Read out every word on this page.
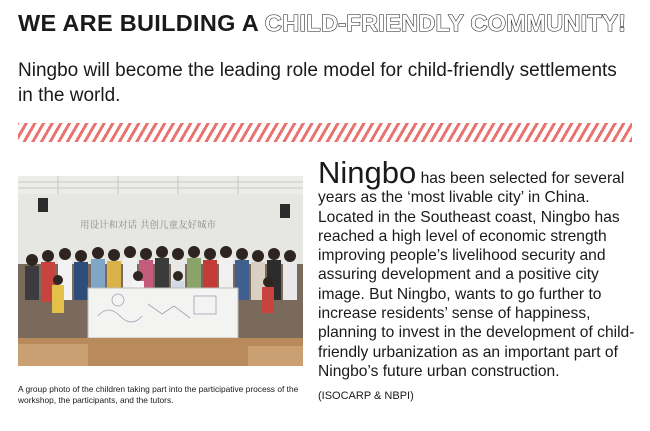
WE ARE BUILDING A CHILD-FRIENDLY COMMUNITY!

Ningbo will become the leading role model for child-friendly settlements in the world.

用设计和对话 共创儿童友好城市

A group photo of the children taking part into the participative process of the workshop, the participants, and the tutors.

Ningbo has been selected for several years as the ‘most livable city’ in China. Located in the Southeast coast, Ningbo has reached a high level of economic strength improving people’s livelihood security and assuring development and a positive city image. But Ningbo, wants to go further to increase residents’ sense of happiness, planning to invest in the development of child-friendly urbanization as an important part of Ningbo’s future urban construction.

(ISOCARP & NBPI)
